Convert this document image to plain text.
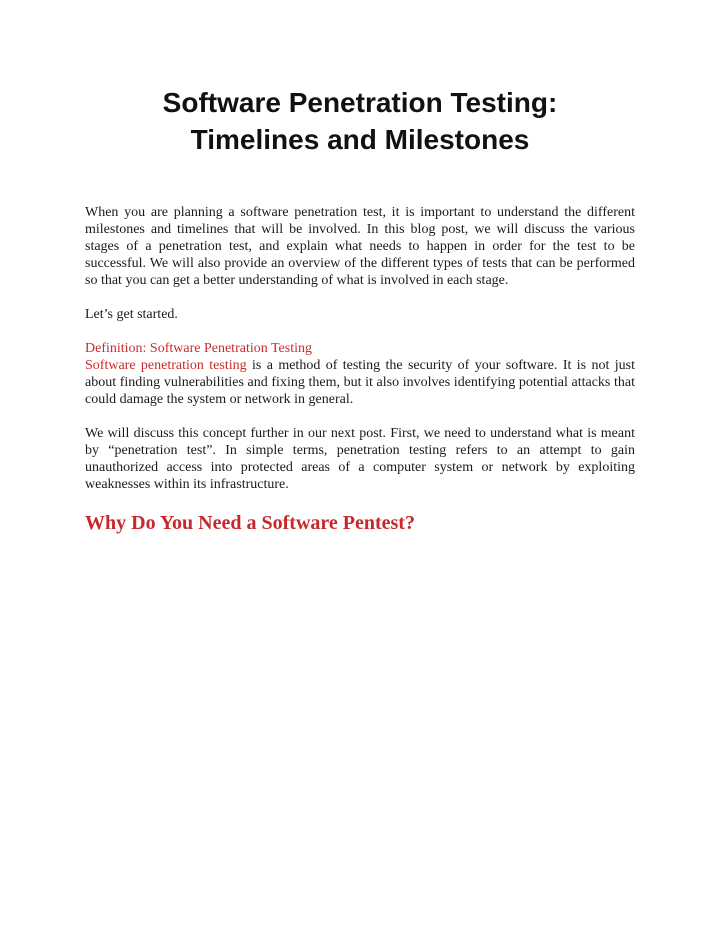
Software Penetration Testing:
Timelines and Milestones

When you are planning a software penetration test, it is important to understand the different milestones and timelines that will be involved. In this blog post, we will discuss the various stages of a penetration test, and explain what needs to happen in order for the test to be successful. We will also provide an overview of the different types of tests that can be performed so that you can get a better understanding of what is involved in each stage.

Let’s get started.

Definition: Software Penetration Testing
Software penetration testing is a method of testing the security of your software. It is not just about finding vulnerabilities and fixing them, but it also involves identifying potential attacks that could damage the system or network in general.

We will discuss this concept further in our next post. First, we need to understand what is meant by “penetration test”. In simple terms, penetration testing refers to an attempt to gain unauthorized access into protected areas of a computer system or network by exploiting weaknesses within its infrastructure.

Why Do You Need a Software Pentest?
